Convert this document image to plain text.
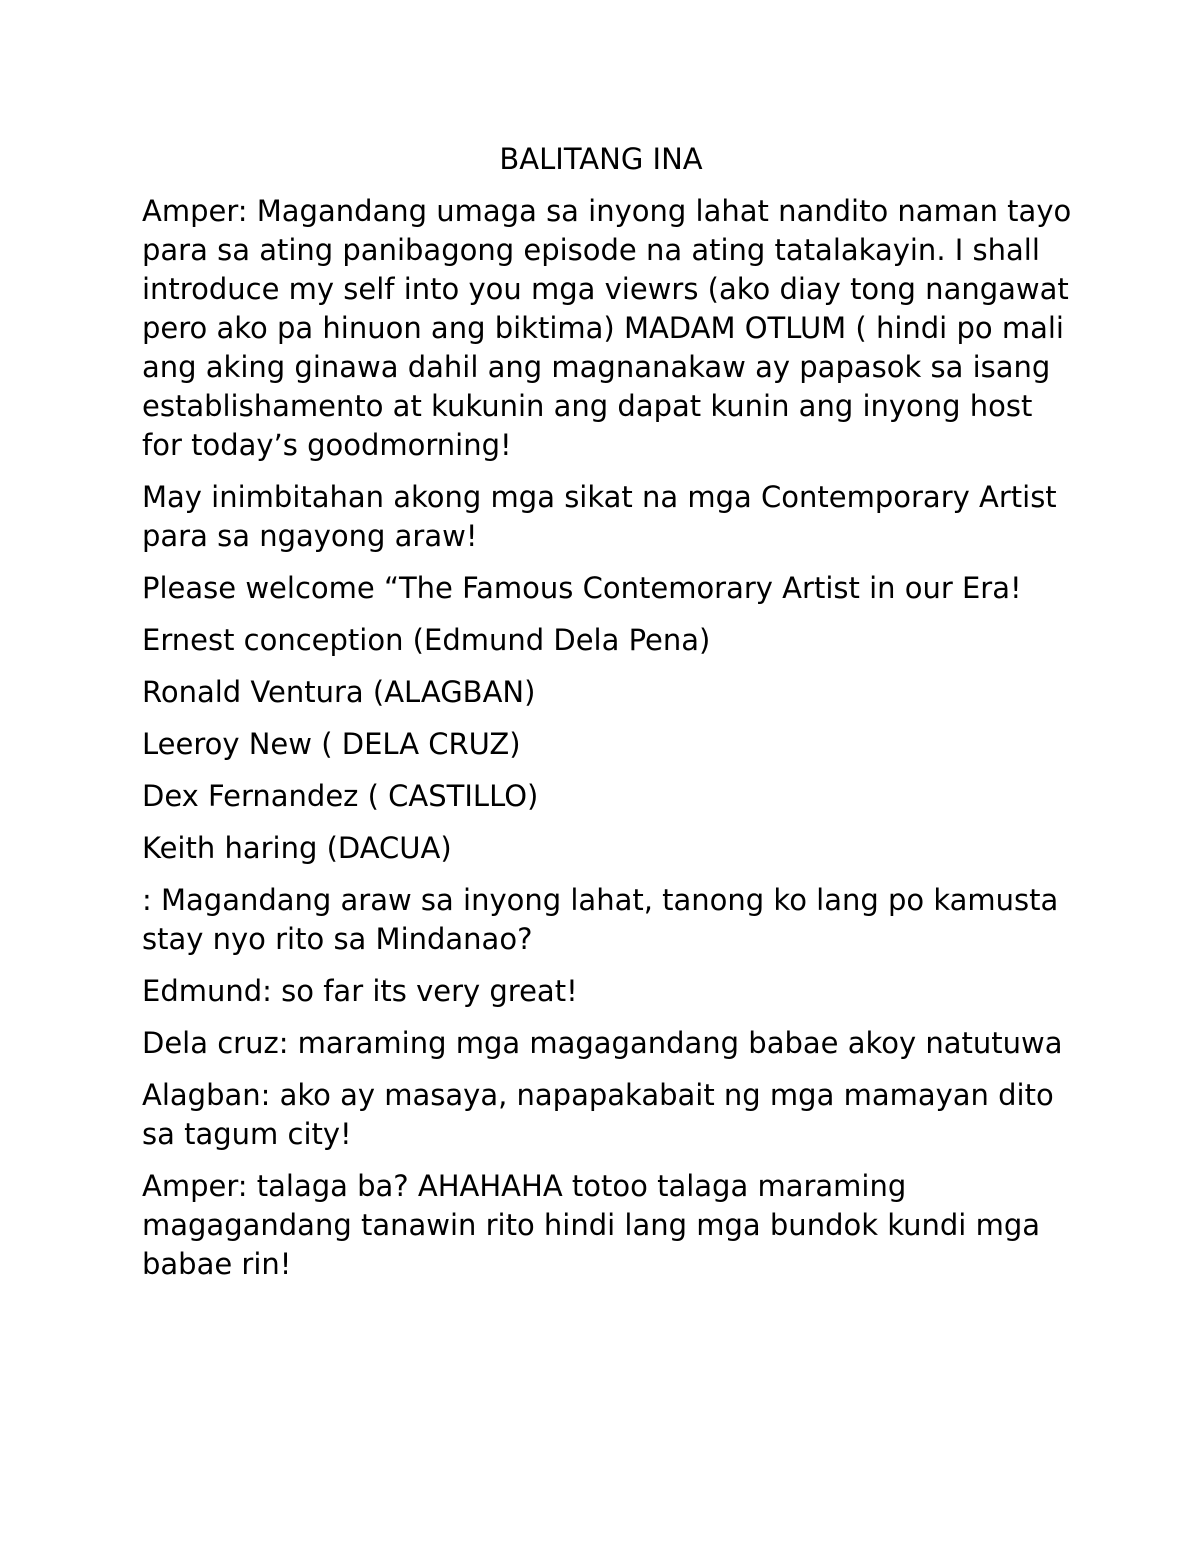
BALITANG INA
Amper: Magandang umaga sa inyong lahat nandito naman tayo para sa ating panibagong episode na ating tatalakayin. I shall introduce my self into you mga viewrs (ako diay tong nangawat pero ako pa hinuon ang biktima) MADAM OTLUM ( hindi po mali ang aking ginawa dahil ang magnanakaw ay papasok sa isang establishamento at kukunin ang dapat kunin ang inyong host for today’s goodmorning!
May inimbitahan akong mga sikat na mga Contemporary Artist para sa ngayong araw!
Please welcome “The Famous Contemorary Artist in our Era!
Ernest conception (Edmund Dela Pena)
Ronald Ventura (ALAGBAN)
Leeroy New ( DELA CRUZ)
Dex Fernandez ( CASTILLO)
Keith haring (DACUA)
: Magandang araw sa inyong lahat, tanong ko lang po kamusta stay nyo rito sa Mindanao?
Edmund: so far its very great!
Dela cruz: maraming mga magagandang babae akoy natutuwa
Alagban: ako ay masaya, napapakabait ng mga mamayan dito sa tagum city!
Amper: talaga ba? AHAHAHA totoo talaga maraming magagandang tanawin rito hindi lang mga bundok kundi mga babae rin!
